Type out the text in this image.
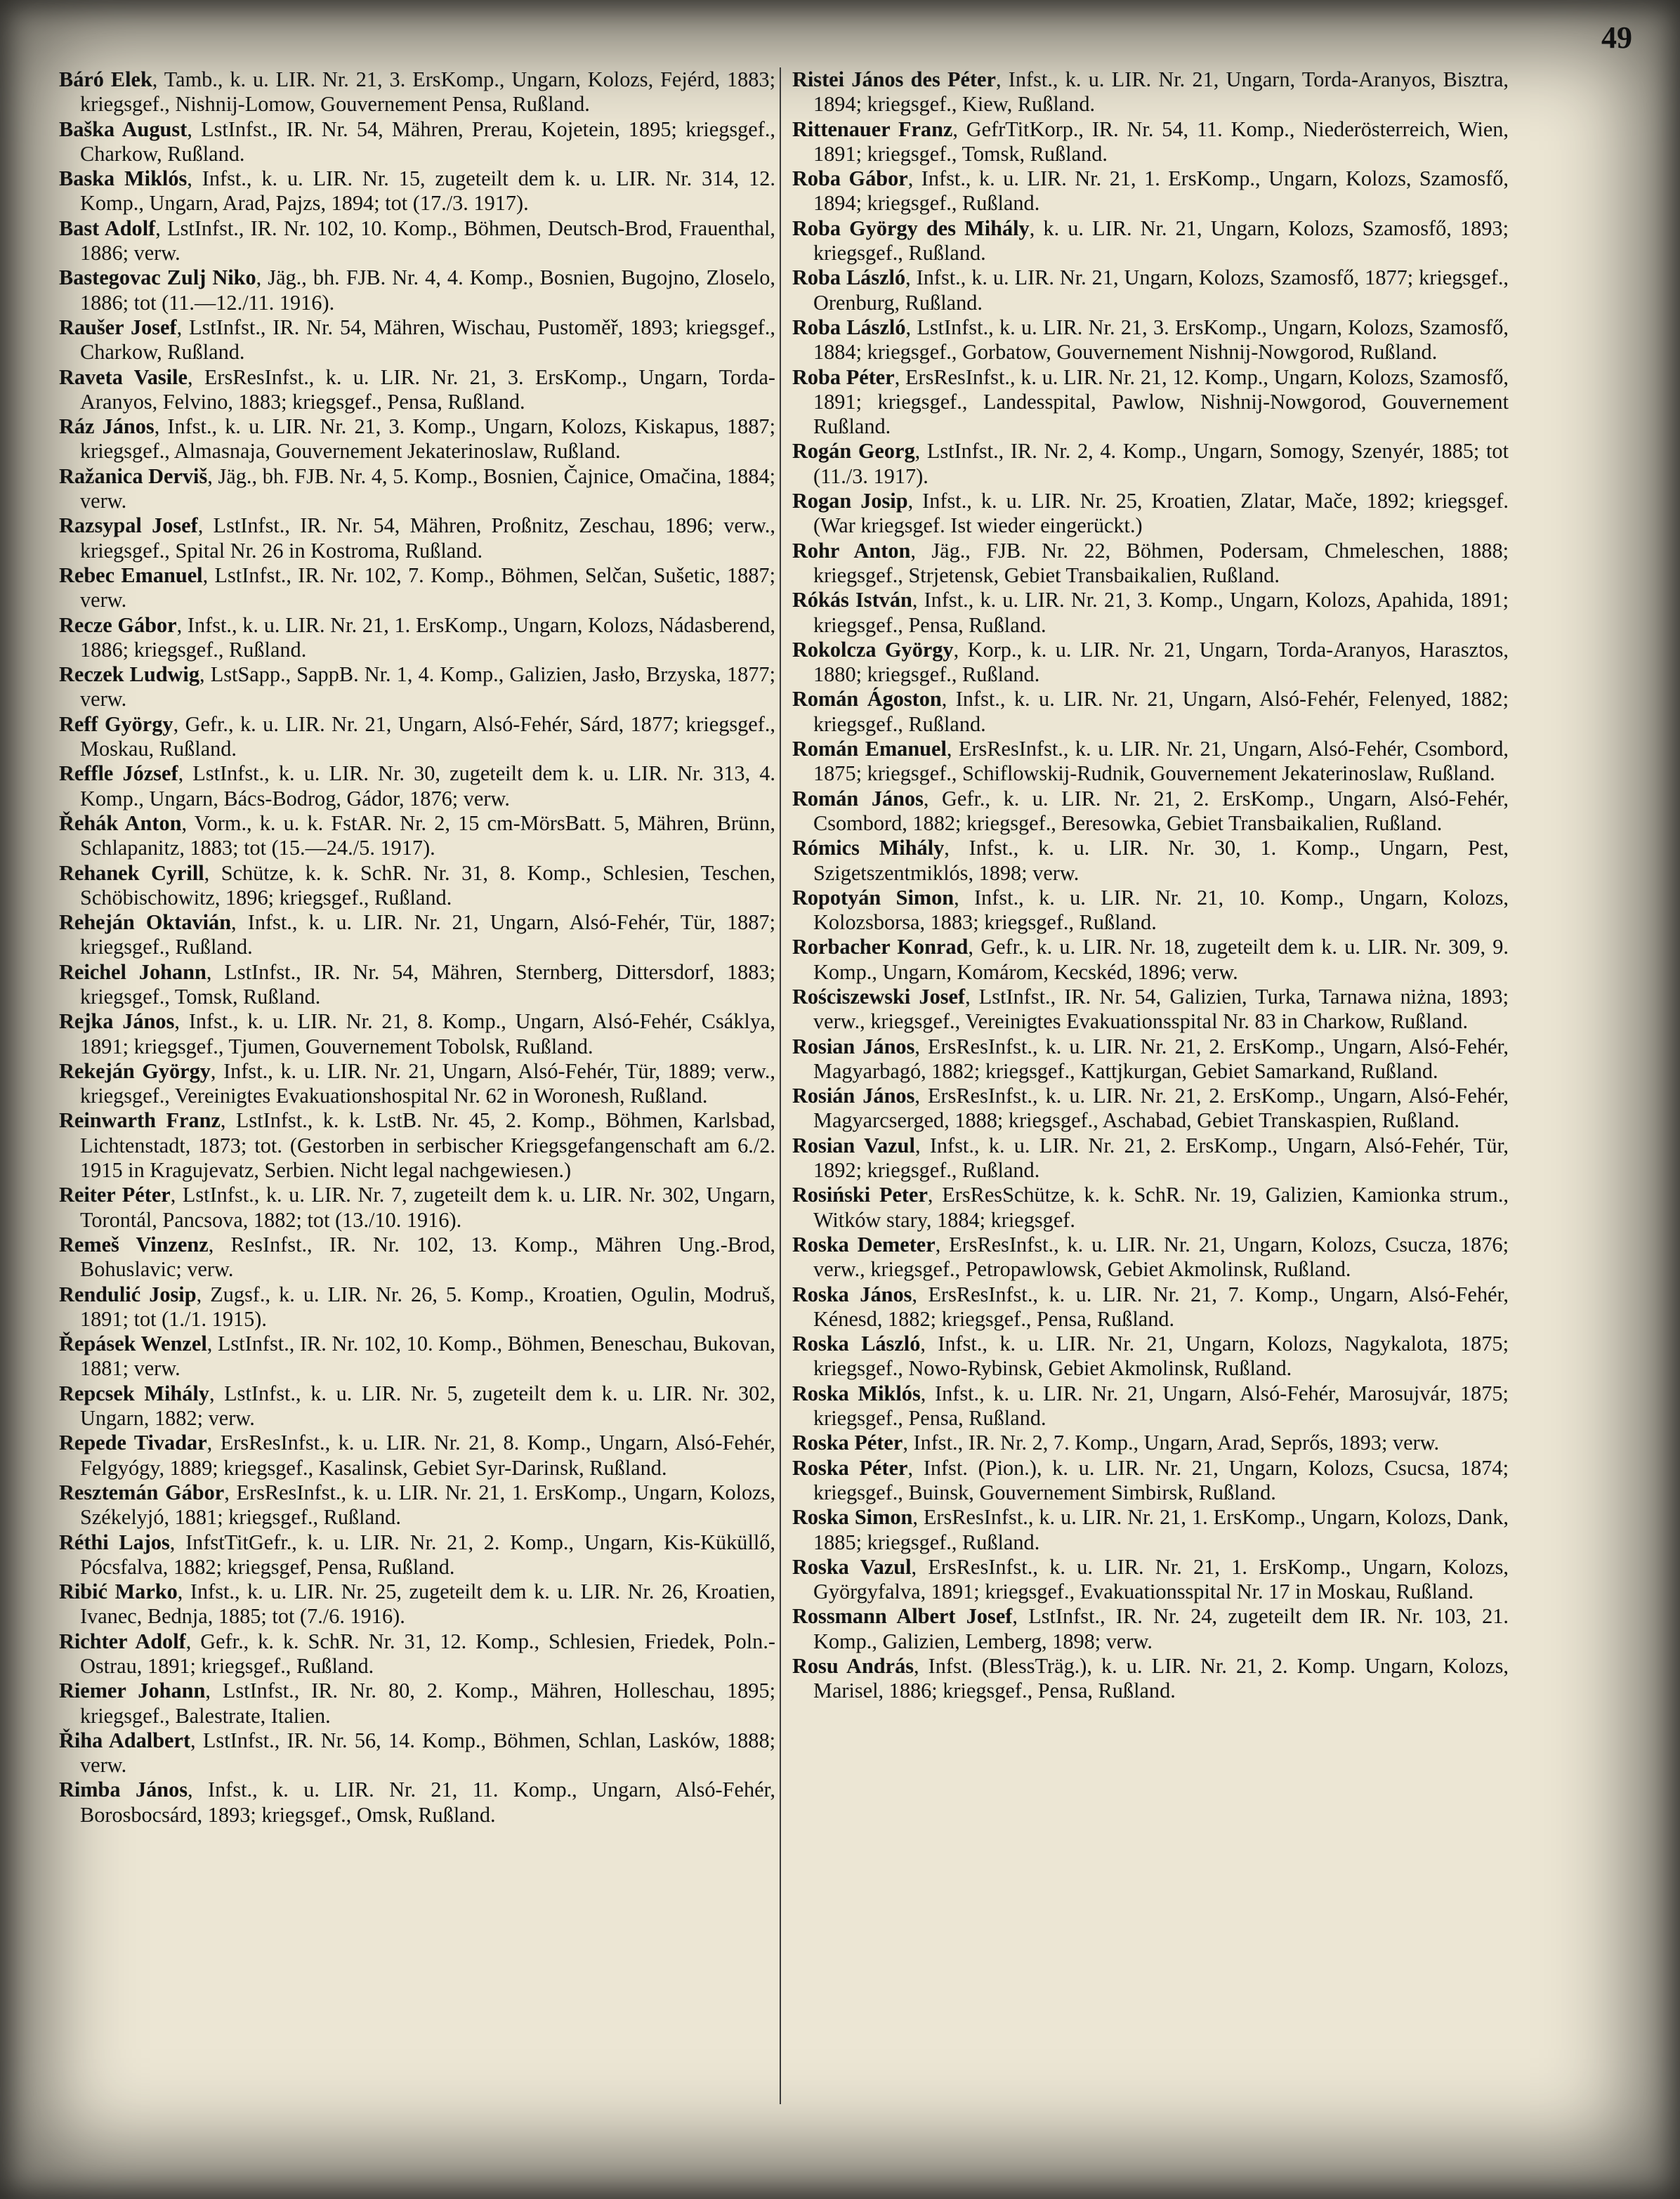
49

Báró Elek, Tamb., k. u. LIR. Nr. 21, 3. ErsKomp., Ungarn, Kolozs, Fejérd, 1883; kriegsgef., Nishnij-Lomow, Gouvernement Pensa, Rußland.

Baška August, LstInfst., IR. Nr. 54, Mähren, Prerau, Kojetein, 1895; kriegsgef., Charkow, Rußland.

Baska Miklós, Infst., k. u. LIR. Nr. 15, zugeteilt dem k. u. LIR. Nr. 314, 12. Komp., Ungarn, Arad, Pajzs, 1894; tot (17./3. 1917).

Bast Adolf, LstInfst., IR. Nr. 102, 10. Komp., Böhmen, Deutsch-Brod, Frauenthal, 1886; verw.

Bastegovac Zulj Niko, Jäg., bh. FJB. Nr. 4, 4. Komp., Bosnien, Bugojno, Zloselo, 1886; tot (11.—12./11. 1916).

Raušer Josef, LstInfst., IR. Nr. 54, Mähren, Wischau, Pustoměř, 1893; kriegsgef., Charkow, Rußland.

Raveta Vasile, ErsResInfst., k. u. LIR. Nr. 21, 3. ErsKomp., Ungarn, Torda-Aranyos, Felvino, 1883; kriegsgef., Pensa, Rußland.

Ráz János, Infst., k. u. LIR. Nr. 21, 3. Komp., Ungarn, Kolozs, Kiskapus, 1887; kriegsgef., Almasnaja, Gouvernement Jekaterinoslaw, Rußland.

Ražanica Derviš, Jäg., bh. FJB. Nr. 4, 5. Komp., Bosnien, Čajnice, Omačina, 1884; verw.

Razsypal Josef, LstInfst., IR. Nr. 54, Mähren, Proßnitz, Zeschau, 1896; verw., kriegsgef., Spital Nr. 26 in Kostroma, Rußland.

Rebec Emanuel, LstInfst., IR. Nr. 102, 7. Komp., Böhmen, Selčan, Sušetic, 1887; verw.

Recze Gábor, Infst., k. u. LIR. Nr. 21, 1. ErsKomp., Ungarn, Kolozs, Nádasberend, 1886; kriegsgef., Rußland.

Reczek Ludwig, LstSapp., SappB. Nr. 1, 4. Komp., Galizien, Jasło, Brzyska, 1877; verw.

Reff György, Gefr., k. u. LIR. Nr. 21, Ungarn, Alsó-Fehér, Sárd, 1877; kriegsgef., Moskau, Rußland.

Reffle József, LstInfst., k. u. LIR. Nr. 30, zugeteilt dem k. u. LIR. Nr. 313, 4. Komp., Ungarn, Bács-Bodrog, Gádor, 1876; verw.

Řehák Anton, Vorm., k. u. k. FstAR. Nr. 2, 15 cm-MörsBatt. 5, Mähren, Brünn, Schlapanitz, 1883; tot (15.—24./5. 1917).

Rehanek Cyrill, Schütze, k. k. SchR. Nr. 31, 8. Komp., Schlesien, Teschen, Schöbischowitz, 1896; kriegsgef., Rußland.

Reheján Oktavián, Infst., k. u. LIR. Nr. 21, Ungarn, Alsó-Fehér, Tür, 1887; kriegsgef., Rußland.

Reichel Johann, LstInfst., IR. Nr. 54, Mähren, Sternberg, Dittersdorf, 1883; kriegsgef., Tomsk, Rußland.

Rejka János, Infst., k. u. LIR. Nr. 21, 8. Komp., Ungarn, Alsó-Fehér, Csáklya, 1891; kriegsgef., Tjumen, Gouvernement Tobolsk, Rußland.

Rekeján György, Infst., k. u. LIR. Nr. 21, Ungarn, Alsó-Fehér, Tür, 1889; verw., kriegsgef., Vereinigtes Evakuationshospital Nr. 62 in Woronesh, Rußland.

Reinwarth Franz, LstInfst., k. k. LstB. Nr. 45, 2. Komp., Böhmen, Karlsbad, Lichtenstadt, 1873; tot. (Gestorben in serbischer Kriegsgefangenschaft am 6./2. 1915 in Kragujevatz, Serbien. Nicht legal nachgewiesen.)

Reiter Péter, LstInfst., k. u. LIR. Nr. 7, zugeteilt dem k. u. LIR. Nr. 302, Ungarn, Torontál, Pancsova, 1882; tot (13./10. 1916).

Remeš Vinzenz, ResInfst., IR. Nr. 102, 13. Komp., Mähren Ung.-Brod, Bohuslavic; verw.

Rendulić Josip, Zugsf., k. u. LIR. Nr. 26, 5. Komp., Kroatien, Ogulin, Modruš, 1891; tot (1./1. 1915).

Řepásek Wenzel, LstInfst., IR. Nr. 102, 10. Komp., Böhmen, Beneschau, Bukovan, 1881; verw.

Repcsek Mihály, LstInfst., k. u. LIR. Nr. 5, zugeteilt dem k. u. LIR. Nr. 302, Ungarn, 1882; verw.

Repede Tivadar, ErsResInfst., k. u. LIR. Nr. 21, 8. Komp., Ungarn, Alsó-Fehér, Felgyógy, 1889; kriegsgef., Kasalinsk, Gebiet Syr-Darinsk, Rußland.

Resztemán Gábor, ErsResInfst., k. u. LIR. Nr. 21, 1. ErsKomp., Ungarn, Kolozs, Székelyjó, 1881; kriegsgef., Rußland.

Réthi Lajos, InfstTitGefr., k. u. LIR. Nr. 21, 2. Komp., Ungarn, Kis-Küküllő, Pócsfalva, 1882; kriegsgef, Pensa, Rußland.

Ribić Marko, Infst., k. u. LIR. Nr. 25, zugeteilt dem k. u. LIR. Nr. 26, Kroatien, Ivanec, Bednja, 1885; tot (7./6. 1916).

Richter Adolf, Gefr., k. k. SchR. Nr. 31, 12. Komp., Schlesien, Friedek, Poln.-Ostrau, 1891; kriegsgef., Rußland.

Riemer Johann, LstInfst., IR. Nr. 80, 2. Komp., Mähren, Holleschau, 1895; kriegsgef., Balestrate, Italien.

Řiha Adalbert, LstInfst., IR. Nr. 56, 14. Komp., Böhmen, Schlan, Lasków, 1888; verw.

Rimba János, Infst., k. u. LIR. Nr. 21, 11. Komp., Ungarn, Alsó-Fehér, Borosbocsárd, 1893; kriegsgef., Omsk, Rußland.

Ristei János des Péter, Infst., k. u. LIR. Nr. 21, Ungarn, Torda-Aranyos, Bisztra, 1894; kriegsgef., Kiew, Rußland.

Rittenauer Franz, GefrTitKorp., IR. Nr. 54, 11. Komp., Niederösterreich, Wien, 1891; kriegsgef., Tomsk, Rußland.

Roba Gábor, Infst., k. u. LIR. Nr. 21, 1. ErsKomp., Ungarn, Kolozs, Szamosfő, 1894; kriegsgef., Rußland.

Roba György des Mihály, k. u. LIR. Nr. 21, Ungarn, Kolozs, Szamosfő, 1893; kriegsgef., Rußland.

Roba László, Infst., k. u. LIR. Nr. 21, Ungarn, Kolozs, Szamosfő, 1877; kriegsgef., Orenburg, Rußland.

Roba László, LstInfst., k. u. LIR. Nr. 21, 3. ErsKomp., Ungarn, Kolozs, Szamosfő, 1884; kriegsgef., Gorbatow, Gouvernement Nishnij-Nowgorod, Rußland.

Roba Péter, ErsResInfst., k. u. LIR. Nr. 21, 12. Komp., Ungarn, Kolozs, Szamosfő, 1891; kriegsgef., Landesspital, Pawlow, Nishnij-Nowgorod, Gouvernement Rußland.

Rogán Georg, LstInfst., IR. Nr. 2, 4. Komp., Ungarn, Somogy, Szenyér, 1885; tot (11./3. 1917).

Rogan Josip, Infst., k. u. LIR. Nr. 25, Kroatien, Zlatar, Mače, 1892; kriegsgef. (War kriegsgef. Ist wieder eingerückt.)

Rohr Anton, Jäg., FJB. Nr. 22, Böhmen, Podersam, Chmeleschen, 1888; kriegsgef., Strjetensk, Gebiet Transbaikalien, Rußland.

Rókás István, Infst., k. u. LIR. Nr. 21, 3. Komp., Ungarn, Kolozs, Apahida, 1891; kriegsgef., Pensa, Rußland.

Rokolcza György, Korp., k. u. LIR. Nr. 21, Ungarn, Torda-Aranyos, Harasztos, 1880; kriegsgef., Rußland.

Román Ágoston, Infst., k. u. LIR. Nr. 21, Ungarn, Alsó-Fehér, Felenyed, 1882; kriegsgef., Rußland.

Román Emanuel, ErsResInfst., k. u. LIR. Nr. 21, Ungarn, Alsó-Fehér, Csombord, 1875; kriegsgef., Schiflowskij-Rudnik, Gouvernement Jekaterinoslaw, Rußland.

Román János, Gefr., k. u. LIR. Nr. 21, 2. ErsKomp., Ungarn, Alsó-Fehér, Csombord, 1882; kriegsgef., Beresowka, Gebiet Transbaikalien, Rußland.

Rómics Mihály, Infst., k. u. LIR. Nr. 30, 1. Komp., Ungarn, Pest, Szigetszentmiklós, 1898; verw.

Ropotyán Simon, Infst., k. u. LIR. Nr. 21, 10. Komp., Ungarn, Kolozs, Kolozsborsa, 1883; kriegsgef., Rußland.

Rorbacher Konrad, Gefr., k. u. LIR. Nr. 18, zugeteilt dem k. u. LIR. Nr. 309, 9. Komp., Ungarn, Komárom, Kecskéd, 1896; verw.

Rościszewski Josef, LstInfst., IR. Nr. 54, Galizien, Turka, Tarnawa niżna, 1893; verw., kriegsgef., Vereinigtes Evakuationsspital Nr. 83 in Charkow, Rußland.

Rosian János, ErsResInfst., k. u. LIR. Nr. 21, 2. ErsKomp., Ungarn, Alsó-Fehér, Magyarbagó, 1882; kriegsgef., Kattjkurgan, Gebiet Samarkand, Rußland.

Rosián János, ErsResInfst., k. u. LIR. Nr. 21, 2. ErsKomp., Ungarn, Alsó-Fehér, Magyarcserged, 1888; kriegsgef., Aschabad, Gebiet Transkaspien, Rußland.

Rosian Vazul, Infst., k. u. LIR. Nr. 21, 2. ErsKomp., Ungarn, Alsó-Fehér, Tür, 1892; kriegsgef., Rußland.

Rosiński Peter, ErsResSchütze, k. k. SchR. Nr. 19, Galizien, Kamionka strum., Witków stary, 1884; kriegsgef.

Roska Demeter, ErsResInfst., k. u. LIR. Nr. 21, Ungarn, Kolozs, Csucza, 1876; verw., kriegsgef., Petropawlowsk, Gebiet Akmolinsk, Rußland.

Roska János, ErsResInfst., k. u. LIR. Nr. 21, 7. Komp., Ungarn, Alsó-Fehér, Kénesd, 1882; kriegsgef., Pensa, Rußland.

Roska László, Infst., k. u. LIR. Nr. 21, Ungarn, Kolozs, Nagykalota, 1875; kriegsgef., Nowo-Rybinsk, Gebiet Akmolinsk, Rußland.

Roska Miklós, Infst., k. u. LIR. Nr. 21, Ungarn, Alsó-Fehér, Marosujvár, 1875; kriegsgef., Pensa, Rußland.

Roska Péter, Infst., IR. Nr. 2, 7. Komp., Ungarn, Arad, Seprős, 1893; verw.

Roska Péter, Infst. (Pion.), k. u. LIR. Nr. 21, Ungarn, Kolozs, Csucsa, 1874; kriegsgef., Buinsk, Gouvernement Simbirsk, Rußland.

Roska Simon, ErsResInfst., k. u. LIR. Nr. 21, 1. ErsKomp., Ungarn, Kolozs, Dank, 1885; kriegsgef., Rußland.

Roska Vazul, ErsResInfst., k. u. LIR. Nr. 21, 1. ErsKomp., Ungarn, Kolozs, Györgyfalva, 1891; kriegsgef., Evakuationsspital Nr. 17 in Moskau, Rußland.

Rossmann Albert Josef, LstInfst., IR. Nr. 24, zugeteilt dem IR. Nr. 103, 21. Komp., Galizien, Lemberg, 1898; verw.

Rosu András, Infst. (BlessTräg.), k. u. LIR. Nr. 21, 2. Komp. Ungarn, Kolozs, Marisel, 1886; kriegsgef., Pensa, Rußland.
